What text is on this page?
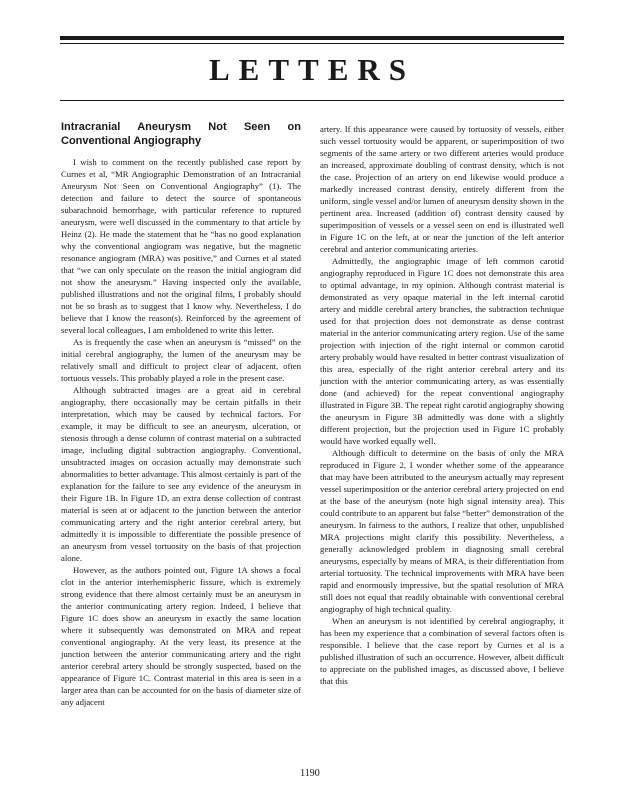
LETTERS
Intracranial Aneurysm Not Seen on Conventional Angiography

I wish to comment on the recently published case report by Curnes et al, “MR Angiographic Demonstration of an Intracranial Aneurysm Not Seen on Conventional Angiography” (1). The detection and failure to detect the source of spontaneous subarachnoid hemorrhage, with particular reference to ruptured aneurysm, were well discussed in the commentary to that article by Heinz (2). He made the statement that he “has no good explanation why the conventional angiogram was negative, but the magnetic resonance angiogram (MRA) was positive,” and Curnes et al stated that “we can only speculate on the reason the initial angiogram did not show the aneurysm.” Having inspected only the available, published illustrations and not the original films, I probably should not be so brash as to suggest that I know why. Nevertheless, I do believe that I know the reason(s). Reinforced by the agreement of several local colleagues, I am emboldened to write this letter.

As is frequently the case when an aneurysm is “missed” on the initial cerebral angiography, the lumen of the aneurysm may be relatively small and difficult to project clear of adjacent, often tortuous vessels. This probably played a role in the present case.

Although subtracted images are a great aid in cerebral angiography, there occasionally may be certain pitfalls in their interpretation, which may be caused by technical factors. For example, it may be difficult to see an aneurysm, ulceration, or stenosis through a dense column of contrast material on a subtracted image, including digital subtraction angiography. Conventional, unsubtracted images on occasion actually may demonstrate such abnormalities to better advantage. This almost certainly is part of the explanation for the failure to see any evidence of the aneurysm in their Figure 1B. In Figure 1D, an extra dense collection of contrast material is seen at or adjacent to the junction between the anterior communicating artery and the right anterior cerebral artery, but admittedly it is impossible to differentiate the possible presence of an aneurysm from vessel tortuosity on the basis of that projection alone.

However, as the authors pointed out, Figure 1A shows a focal clot in the anterior interhemispheric fissure, which is extremely strong evidence that there almost certainly must be an aneurysm in the anterior communicating artery region. Indeed, I believe that Figure 1C does show an aneurysm in exactly the same location where it subsequently was demonstrated on MRA and repeat conventional angiography. At the very least, its presence at the junction between the anterior communicating artery and the right anterior cerebral artery should be strongly suspected, based on the appearance of Figure 1C. Contrast material in this area is seen in a larger area than can be accounted for on the basis of diameter size of any adjacent

artery. If this appearance were caused by tortuosity of vessels, either such vessel tortuosity would be apparent, or superimposition of two segments of the same artery or two different arteries would produce an increased, approximate doubling of contrast density, which is not the case. Projection of an artery on end likewise would produce a markedly increased contrast density, entirely different from the uniform, single vessel and/or lumen of aneurysm density shown in the pertinent area. Increased (addition of) contrast density caused by superimposition of vessels or a vessel seen on end is illustrated well in Figure 1C on the left, at or near the junction of the left anterior cerebral and anterior communicating arteries.

Admittedly, the angiographic image of left common carotid angiography reproduced in Figure 1C does not demonstrate this area to optimal advantage, in my opinion. Although contrast material is demonstrated as very opaque material in the left internal carotid artery and middle cerebral artery branches, the subtraction technique used for that projection does not demonstrate as dense contrast material in the anterior communicating artery region. Use of the same projection with injection of the right internal or common carotid artery probably would have resulted in better contrast visualization of this area, especially of the right anterior cerebral artery and its junction with the anterior communicating artery, as was essentially done (and achieved) for the repeat conventional angiography illustrated in Figure 3B. The repeat right carotid angiography showing the aneurysm in Figure 3B admittedly was done with a slightly different projection, but the projection used in Figure 1C probably would have worked equally well.

Although difficult to determine on the basis of only the MRA reproduced in Figure 2, I wonder whether some of the appearance that may have been attributed to the aneurysm actually may represent vessel superimposition or the anterior cerebral artery projected on end at the base of the aneurysm (note high signal intensity area). This could contribute to an apparent but false “better” demonstration of the aneurysm. In fairness to the authors, I realize that other, unpublished MRA projections might clarify this possibility. Nevertheless, a generally acknowledged problem in diagnosing small cerebral aneurysms, especially by means of MRA, is their differentiation from arterial tortuosity. The technical improvements with MRA have been rapid and enormously impressive, but the spatial resolution of MRA still does not equal that readily obtainable with conventional cerebral angiography of high technical quality.

When an aneurysm is not identified by cerebral angiography, it has been my experience that a combination of several factors often is responsible. I believe that the case report by Curnes et al is a published illustration of such an occurrence. However, albeit difficult to appreciate on the published images, as discussed above, I believe that this

1190
